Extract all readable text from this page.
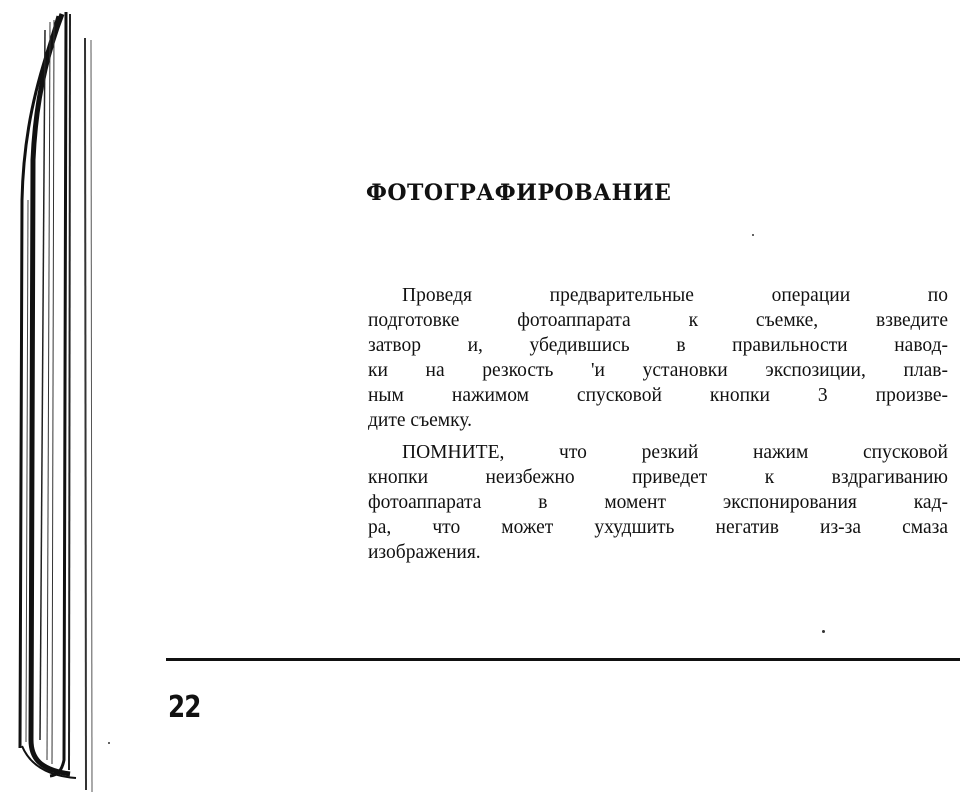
ФОТОГРАФИРОВАНИЕ
Проведя предварительные операции по
подготовке фотоаппарата к съемке, взведите
затвор и, убедившись в правильности навод-
ки на резкость 'и установки экспозиции, плав-
ным нажимом спусковой кнопки 3 произве-
дите съемку.
ПОМНИТЕ, что резкий нажим спусковой
кнопки неизбежно приведет к вздрагиванию
фотоаппарата в момент экспонирования кад-
ра, что может ухудшить негатив из-за смаза
изображения.
22
